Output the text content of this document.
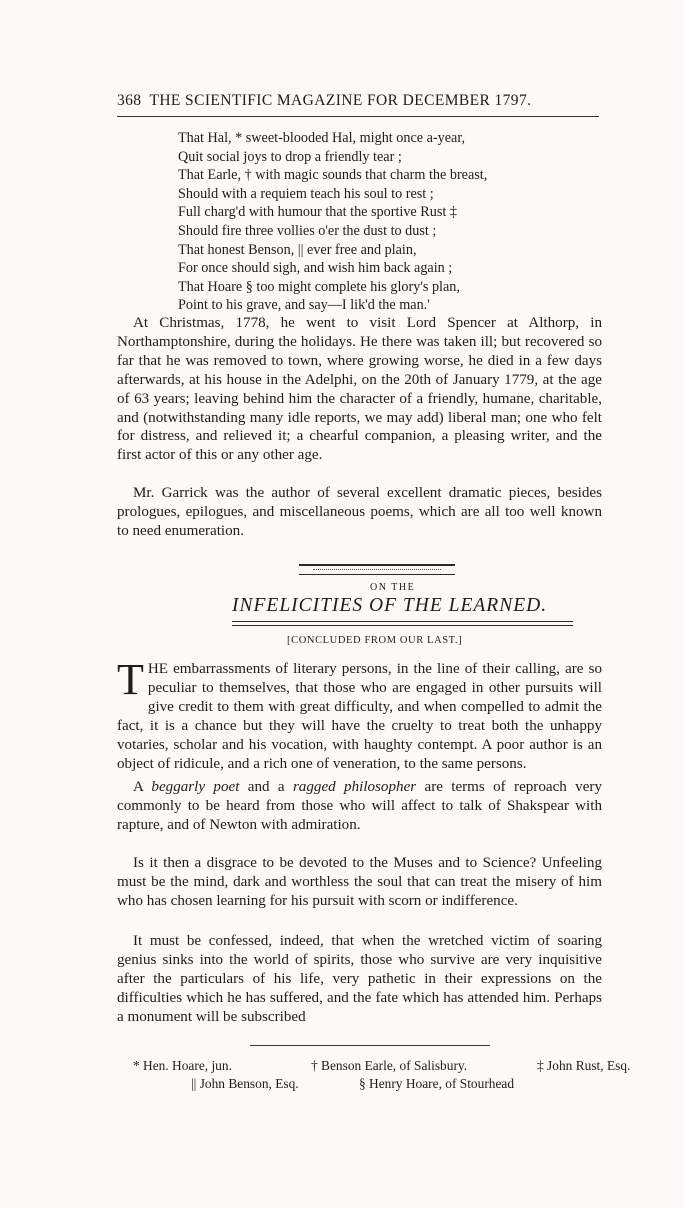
368 THE SCIENTIFIC MAGAZINE FOR DECEMBER 1797.
That Hal, * sweet-blooded Hal, might once a-year,
Quit social joys to drop a friendly tear ;
That Earle, † with magic sounds that charm the breast,
Should with a requiem teach his soul to rest ;
Full charg'd with humour that the sportive Rust ‡
Should fire three vollies o'er the dust to dust ;
That honest Benson, || ever free and plain,
For once should sigh, and wish him back again ;
That Hoare § too might complete his glory's plan,
Point to his grave, and say—I lik'd the man.'

At Christmas, 1778, he went to visit Lord Spencer at Althorp, in Northamptonshire, during the holidays. He there was taken ill; but recovered so far that he was removed to town, where growing worse, he died in a few days afterwards, at his house in the Adelphi, on the 20th of January 1779, at the age of 63 years; leaving behind him the character of a friendly, humane, charitable, and (notwithstanding many idle reports, we may add) liberal man; one who felt for distress, and relieved it; a chearful companion, a pleasing writer, and the first actor of this or any other age.

Mr. Garrick was the author of several excellent dramatic pieces, besides prologues, epilogues, and miscellaneous poems, which are all too well known to need enumeration.

ON THE
INFELICITIES OF THE LEARNED.
[CONCLUDED FROM OUR LAST.]

THE embarrassments of literary persons, in the line of their calling, are so peculiar to themselves, that those who are engaged in other pursuits will give credit to them with great difficulty, and when compelled to admit the fact, it is a chance but they will have the cruelty to treat both the unhappy votaries, scholar and his vocation, with haughty contempt. A poor author is an object of ridicule, and a rich one of veneration, to the same persons.

A beggarly poet and a ragged philosopher are terms of reproach very commonly to be heard from those who will affect to talk of Shakspear with rapture, and of Newton with admiration.

Is it then a disgrace to be devoted to the Muses and to Science? Unfeeling must be the mind, dark and worthless the soul that can treat the misery of him who has chosen learning for his pursuit with scorn or indifference.

It must be confessed, indeed, that when the wretched victim of soaring genius sinks into the world of spirits, those who survive are very inquisitive after the particulars of his life, very pathetic in their expressions on the difficulties which he has suffered, and the fate which has attended him. Perhaps a monument will be subscribed

* Hen. Hoare, jun.	† Benson Earle, of Salisbury.	‡ John Rust, Esq.
|| John Benson, Esq.	§ Henry Hoare, of Stourhead
